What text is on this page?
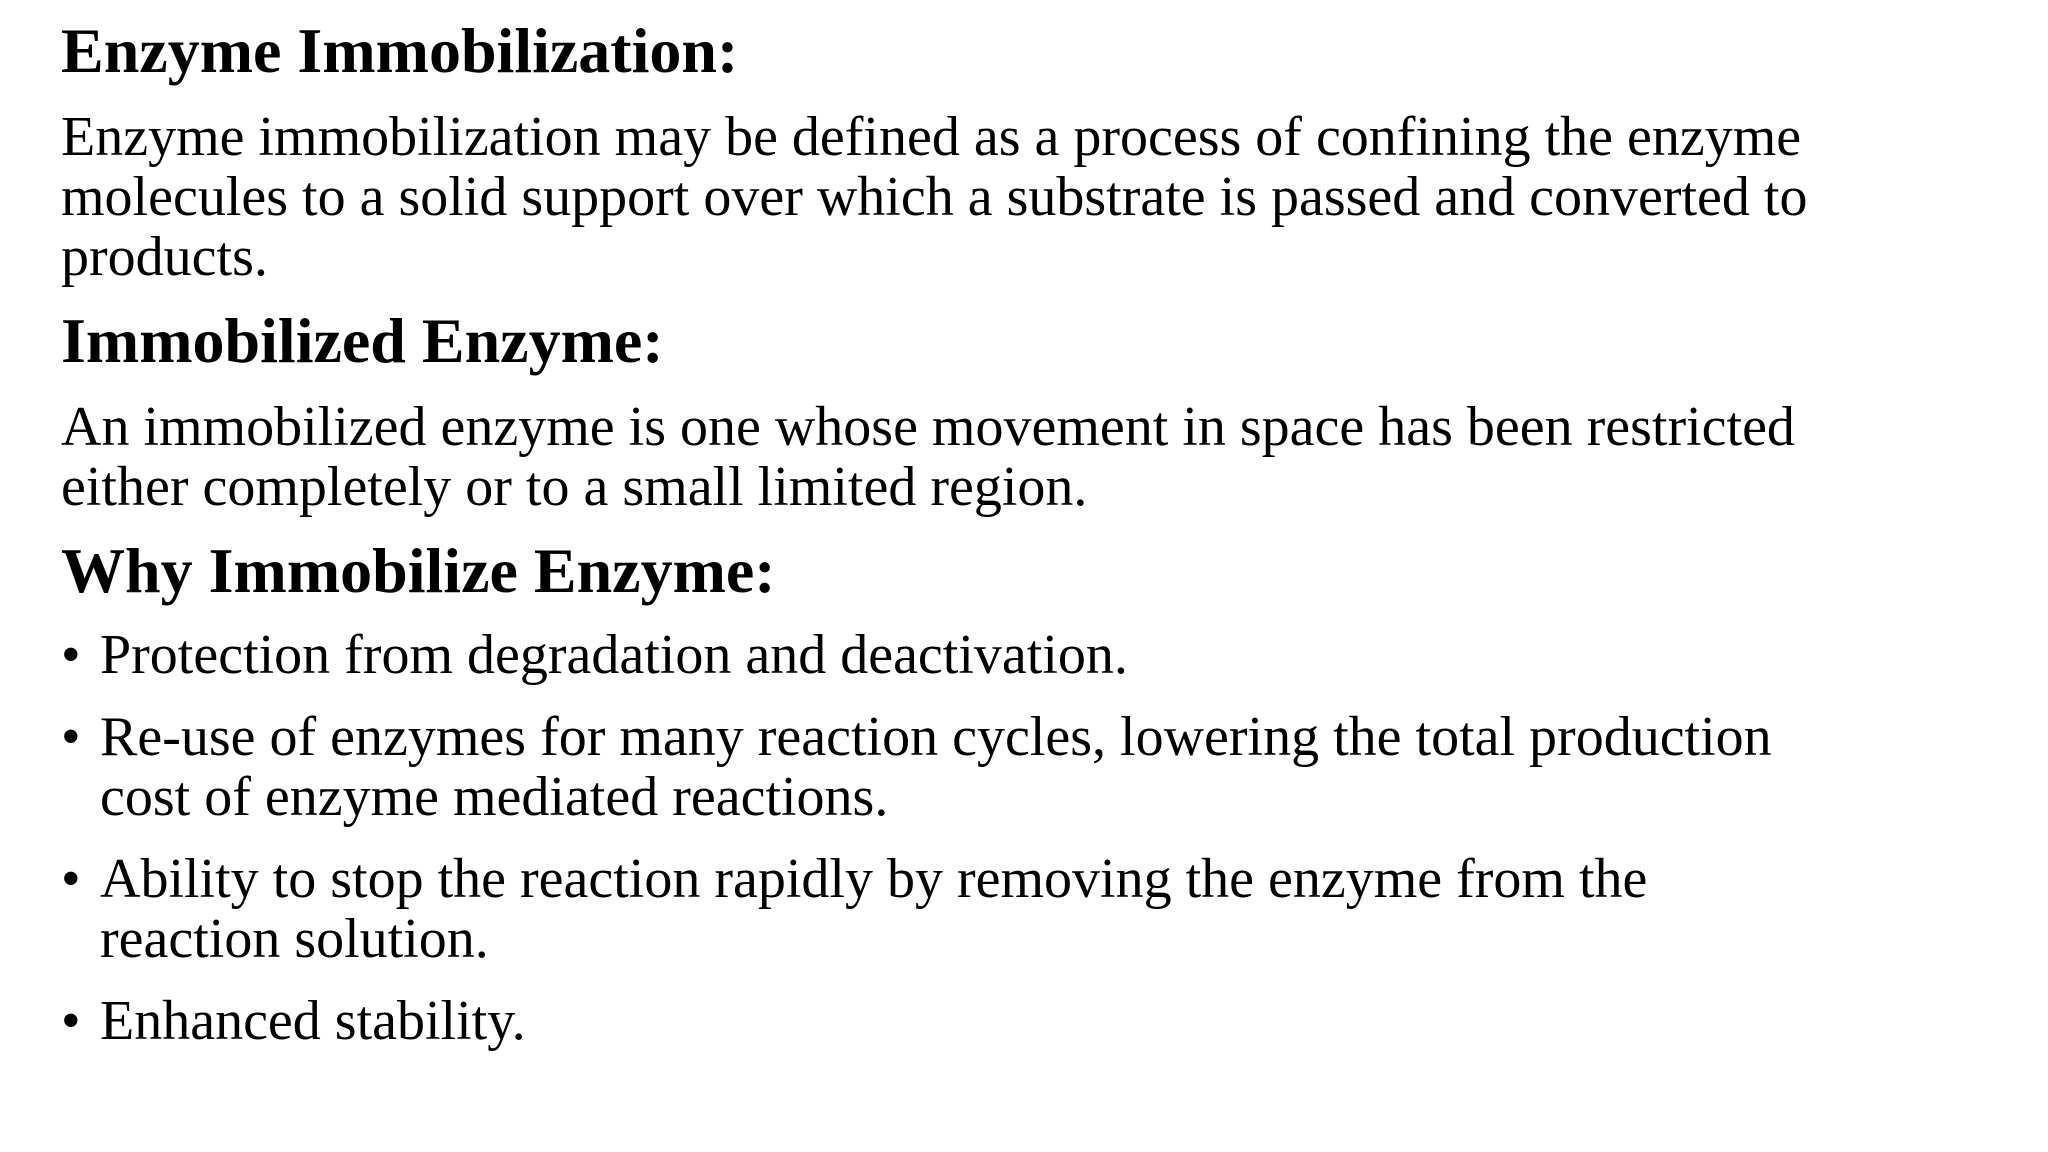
Enzyme Immobilization:

Enzyme immobilization may be defined as a process of confining the enzyme
molecules to a solid support over which a substrate is passed and converted to
products.

Immobilized Enzyme:

An immobilized enzyme is one whose movement in space has been restricted
either completely or to a small limited region.

Why Immobilize Enzyme:
• Protection from degradation and deactivation.
• Re-use of enzymes for many reaction cycles, lowering the total production
cost of enzyme mediated reactions.
• Ability to stop the reaction rapidly by removing the enzyme from the
reaction solution.
• Enhanced stability.
